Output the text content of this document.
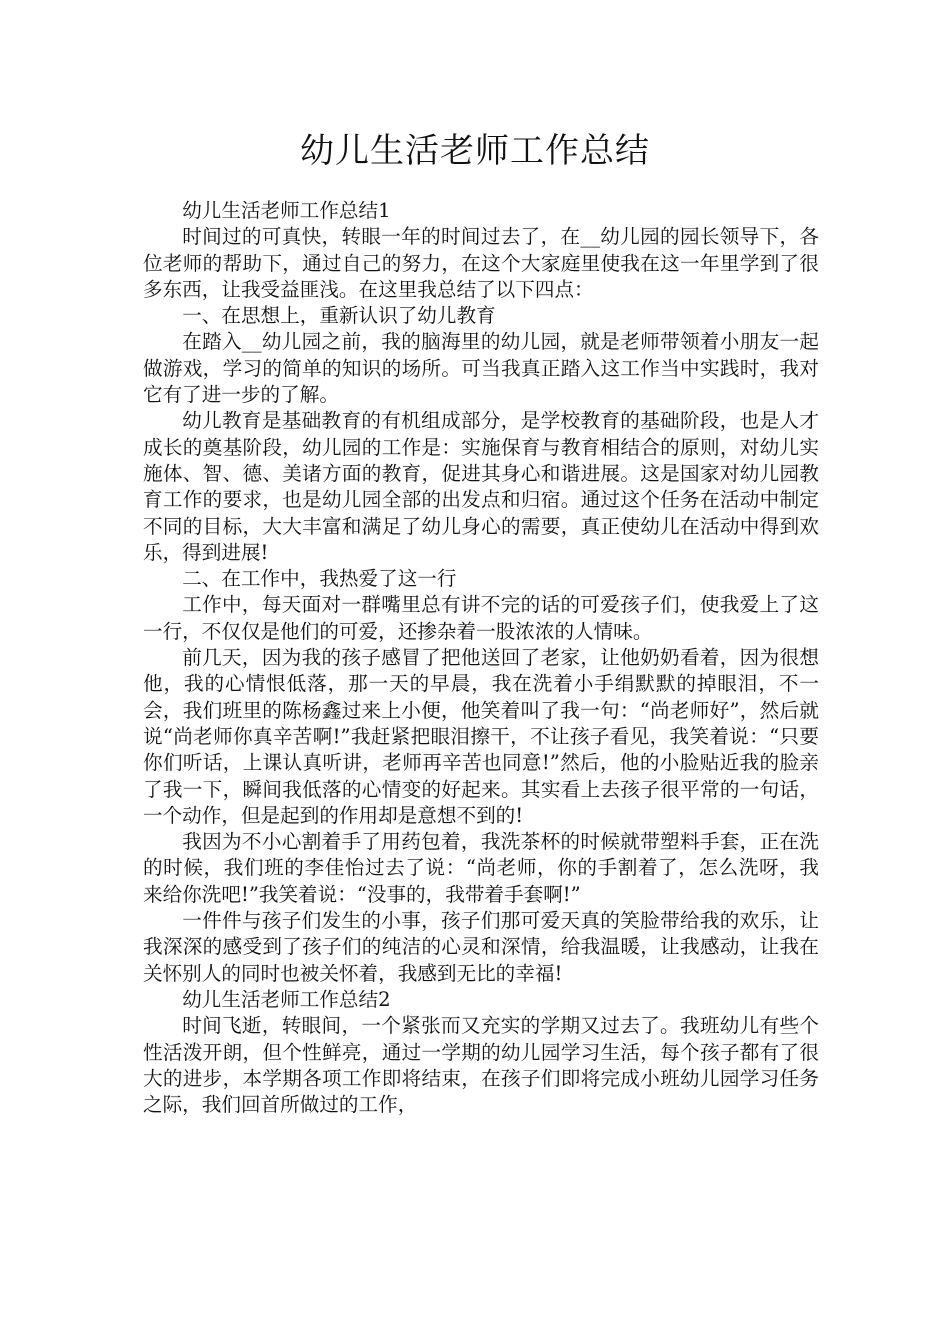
幼儿生活老师工作总结

幼儿生活老师工作总结1

时间过的可真快，转眼一年的时间过去了，在__幼儿园的园长领导下，各位老师的帮助下，通过自己的努力，在这个大家庭里使我在这一年里学到了很多东西，让我受益匪浅。在这里我总结了以下四点：

一、在思想上，重新认识了幼儿教育

在踏入__幼儿园之前，我的脑海里的幼儿园，就是老师带领着小朋友一起做游戏，学习的简单的知识的场所。可当我真正踏入这工作当中实践时，我对它有了进一步的了解。

幼儿教育是基础教育的有机组成部分，是学校教育的基础阶段，也是人才成长的奠基阶段，幼儿园的工作是：实施保育与教育相结合的原则，对幼儿实施体、智、德、美诸方面的教育，促进其身心和谐进展。这是国家对幼儿园教育工作的要求，也是幼儿园全部的出发点和归宿。通过这个任务在活动中制定不同的目标，大大丰富和满足了幼儿身心的需要，真正使幼儿在活动中得到欢乐，得到进展!

二、在工作中，我热爱了这一行

工作中，每天面对一群嘴里总有讲不完的话的可爱孩子们，使我爱上了这一行，不仅仅是他们的可爱，还掺杂着一股浓浓的人情味。

前几天，因为我的孩子感冒了把他送回了老家，让他奶奶看着，因为很想他，我的心情恨低落，那一天的早晨，我在洗着小手绢默默的掉眼泪，不一会，我们班里的陈杨鑫过来上小便，他笑着叫了我一句：“尚老师好”，然后就说“尚老师你真辛苦啊!”我赶紧把眼泪擦干，不让孩子看见，我笑着说：“只要你们听话，上课认真听讲，老师再辛苦也同意!”然后，他的小脸贴近我的脸亲了我一下，瞬间我低落的心情变的好起来。其实看上去孩子很平常的一句话，一个动作，但是起到的作用却是意想不到的!

我因为不小心割着手了用药包着，我洗茶杯的时候就带塑料手套，正在洗的时候，我们班的李佳怡过去了说：“尚老师，你的手割着了，怎么洗呀，我来给你洗吧!”我笑着说：“没事的，我带着手套啊!”

一件件与孩子们发生的小事，孩子们那可爱天真的笑脸带给我的欢乐，让我深深的感受到了孩子们的纯洁的心灵和深情，给我温暖，让我感动，让我在关怀别人的同时也被关怀着，我感到无比的幸福!

幼儿生活老师工作总结2

时间飞逝，转眼间，一个紧张而又充实的学期又过去了。我班幼儿有些个性活泼开朗，但个性鲜亮，通过一学期的幼儿园学习生活，每个孩子都有了很大的进步，本学期各项工作即将结束，在孩子们即将完成小班幼儿园学习任务之际，我们回首所做过的工作，
